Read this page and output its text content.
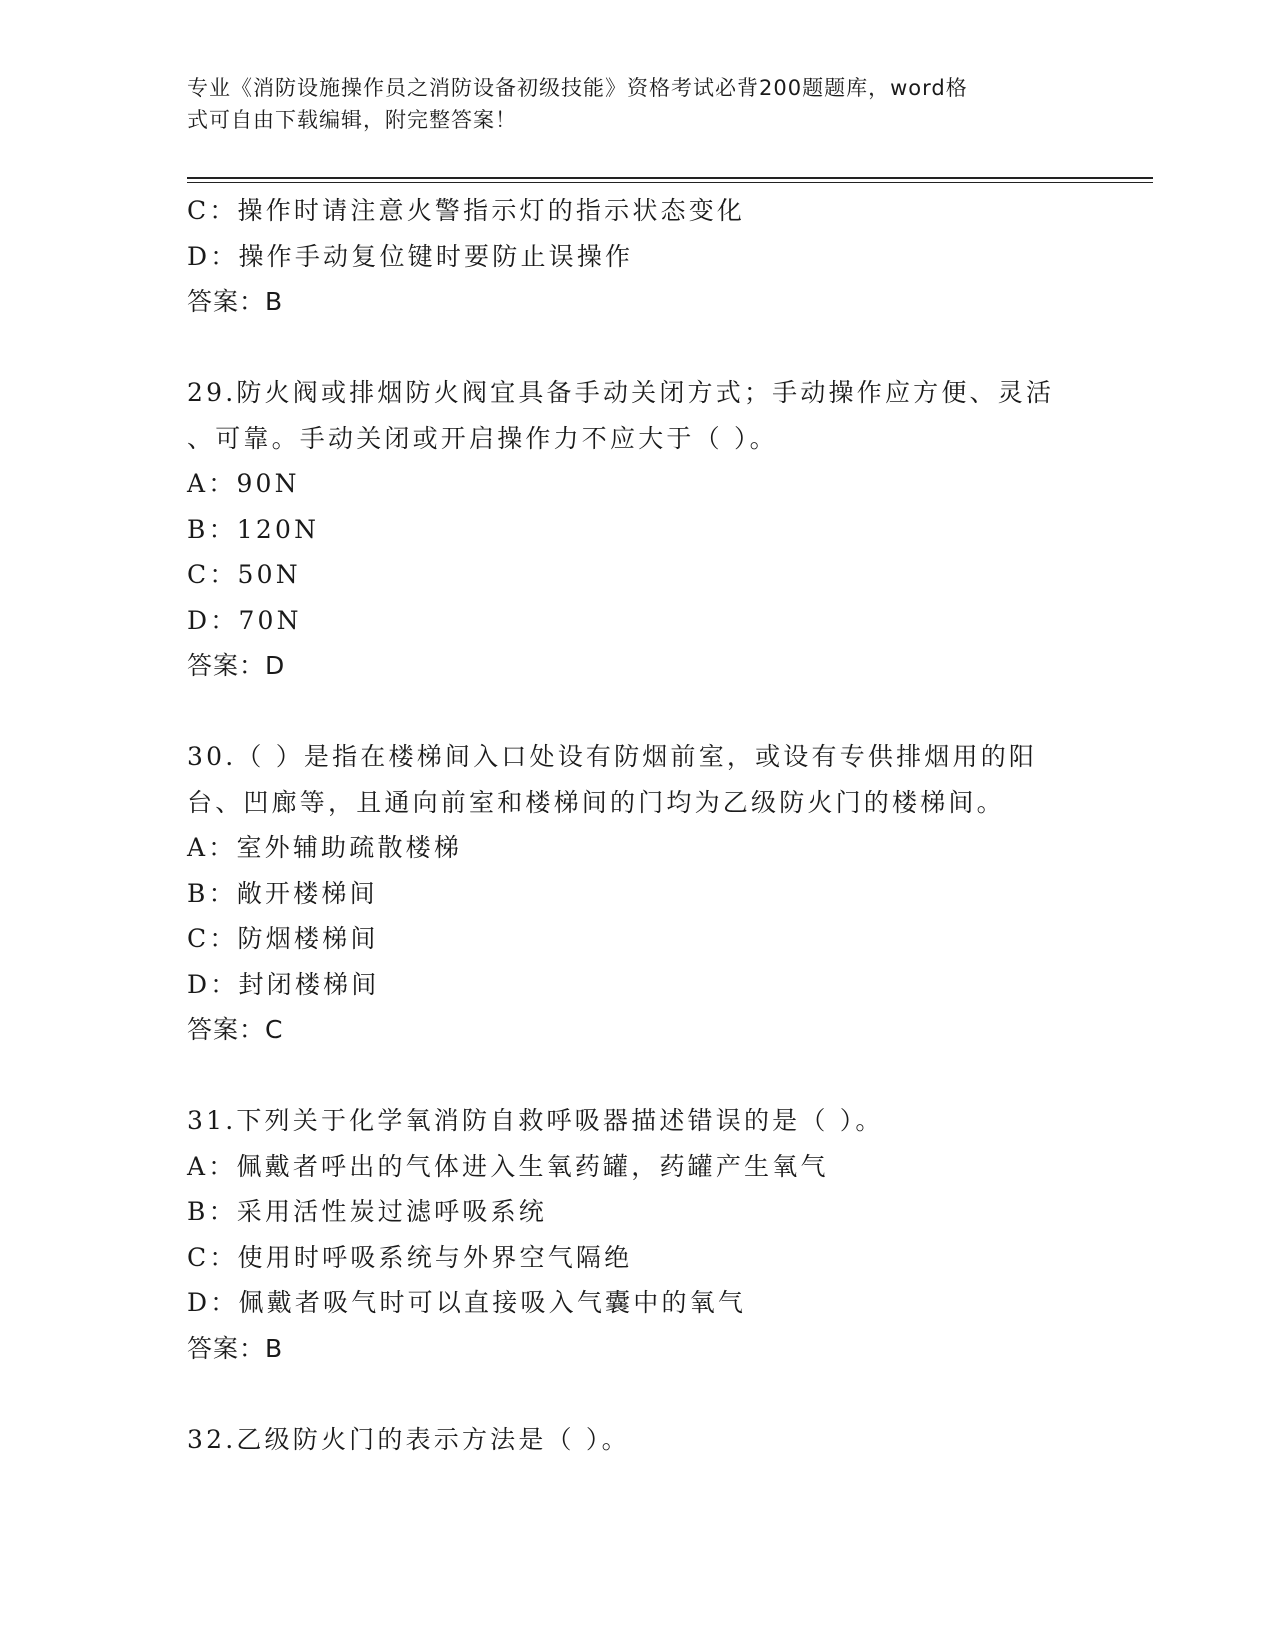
专业《消防设施操作员之消防设备初级技能》资格考试必背200题题库，word格
式可自由下载编辑，附完整答案！
C：操作时请注意火警指示灯的指示状态变化
D：操作手动复位键时要防止误操作
答案：B
29.防火阀或排烟防火阀宜具备手动关闭方式；手动操作应方便、灵活
、可靠。手动关闭或开启操作力不应大于（ ）。
A：90N
B：120N
C：50N
D：70N
答案：D
30.（ ）是指在楼梯间入口处设有防烟前室，或设有专供排烟用的阳
台、凹廊等，且通向前室和楼梯间的门均为乙级防火门的楼梯间。
A：室外辅助疏散楼梯
B：敞开楼梯间
C：防烟楼梯间
D：封闭楼梯间
答案：C
31.下列关于化学氧消防自救呼吸器描述错误的是（ ）。
A：佩戴者呼出的气体进入生氧药罐，药罐产生氧气
B：采用活性炭过滤呼吸系统
C：使用时呼吸系统与外界空气隔绝
D：佩戴者吸气时可以直接吸入气囊中的氧气
答案：B
32.乙级防火门的表示方法是（ ）。
